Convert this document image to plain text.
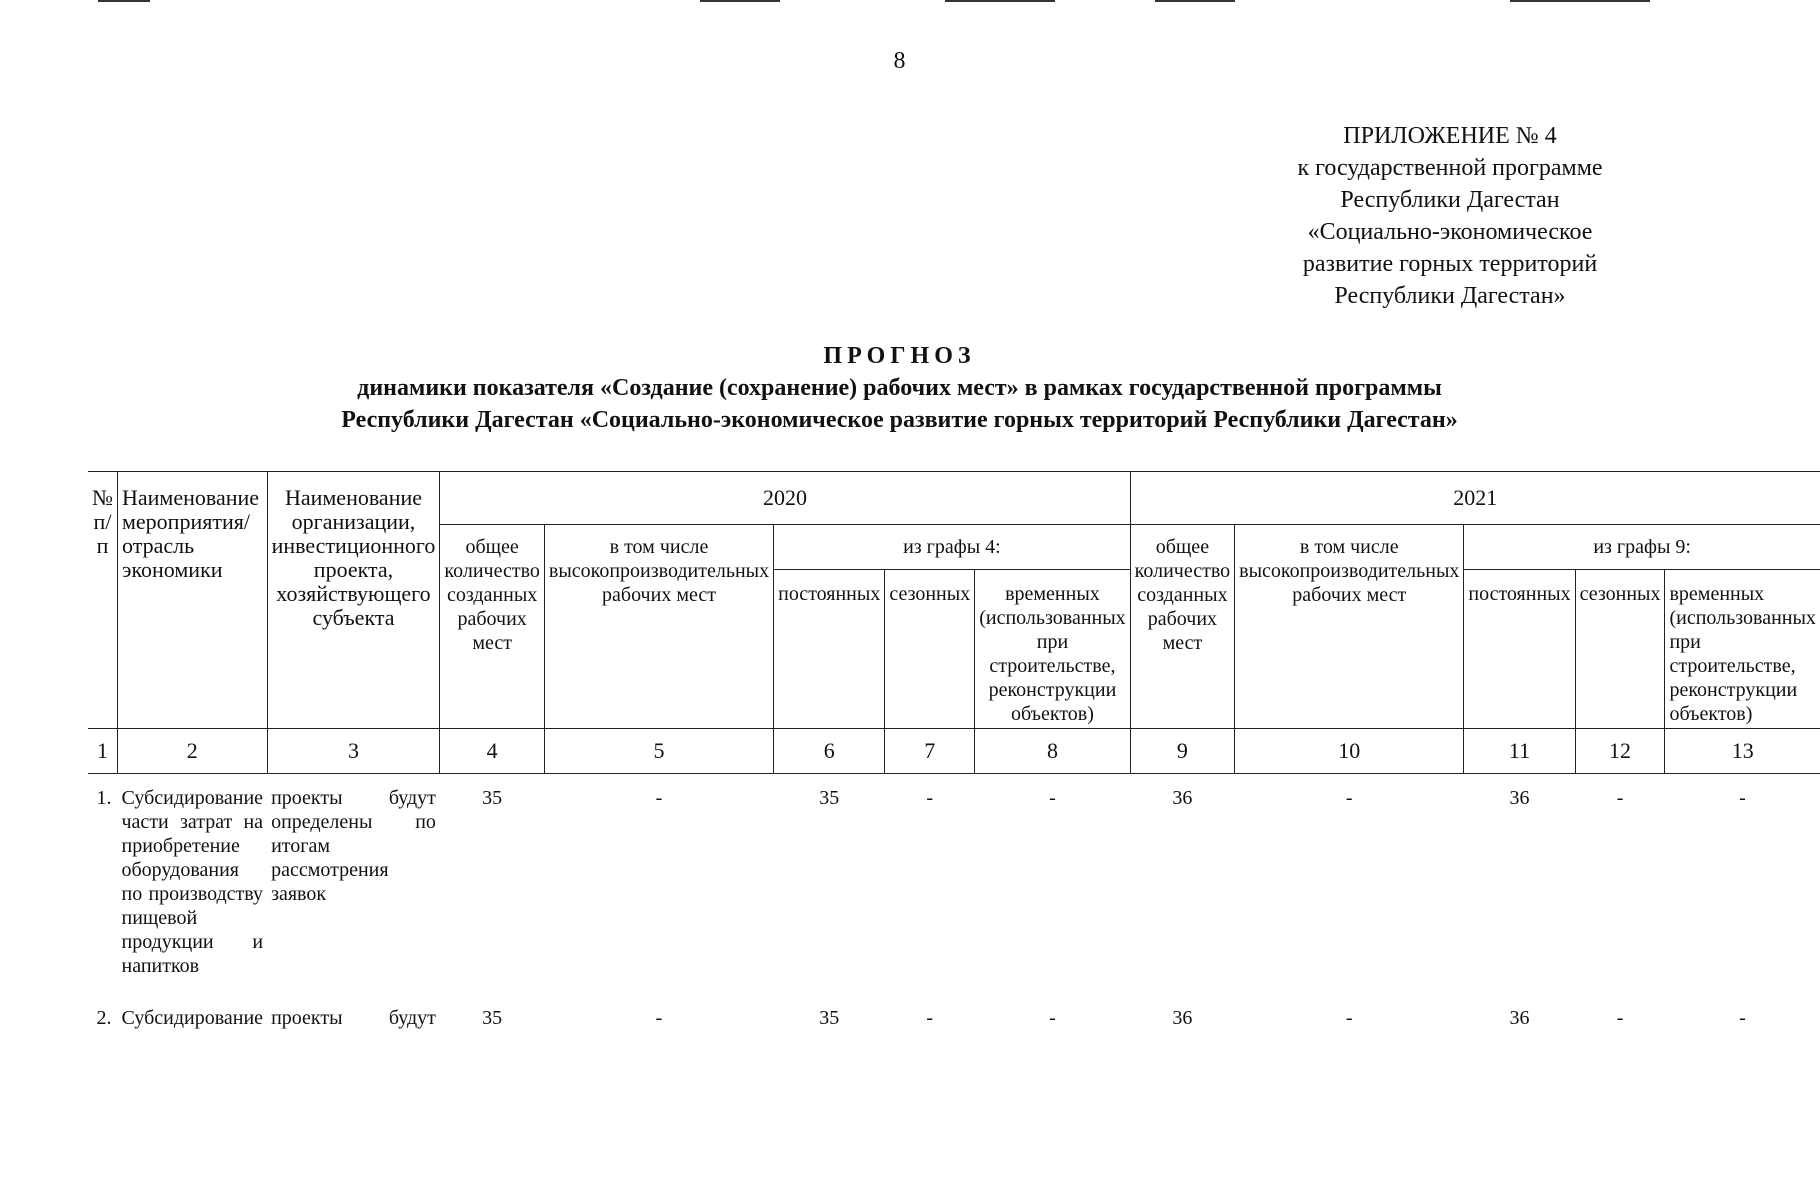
8
ПРИЛОЖЕНИЕ № 4
к государственной программе
Республики Дагестан
«Социально-экономическое
развитие горных территорий
Республики Дагестан»
ПРОГНОЗ
динамики показателя «Создание (сохранение) рабочих мест» в рамках государственной программы
Республики Дагестан «Социально-экономическое развитие горных территорий Республики Дагестан»
№ п/п	Наименование мероприятия/отрасль экономики	Наименование организации, инвестиционного проекта, хозяйствующего субъекта	2020					2021				
			общее количество созданных рабочих мест	в том числе высокопроизводительных рабочих мест	из графы 4:			общее количество созданных рабочих мест	в том числе высокопроизводительных рабочих мест	из графы 9:		
					постоянных	сезонных	временных (использованных при строительстве, реконструкции объектов)			постоянных	сезонных	временных (использованных при строительстве, реконструкции объектов)
1	2	3	4	5	6	7	8	9	10	11	12	13
1.	Субсидирование части затрат на приобретение оборудования по производству пищевой продукции и напитков	проекты будут определены по итогам рассмотрения заявок	35	-	35	-	-	36	-	36	-	-
2.	Субсидирование	проекты будут	35	-	35	-	-	36	-	36	-	-
